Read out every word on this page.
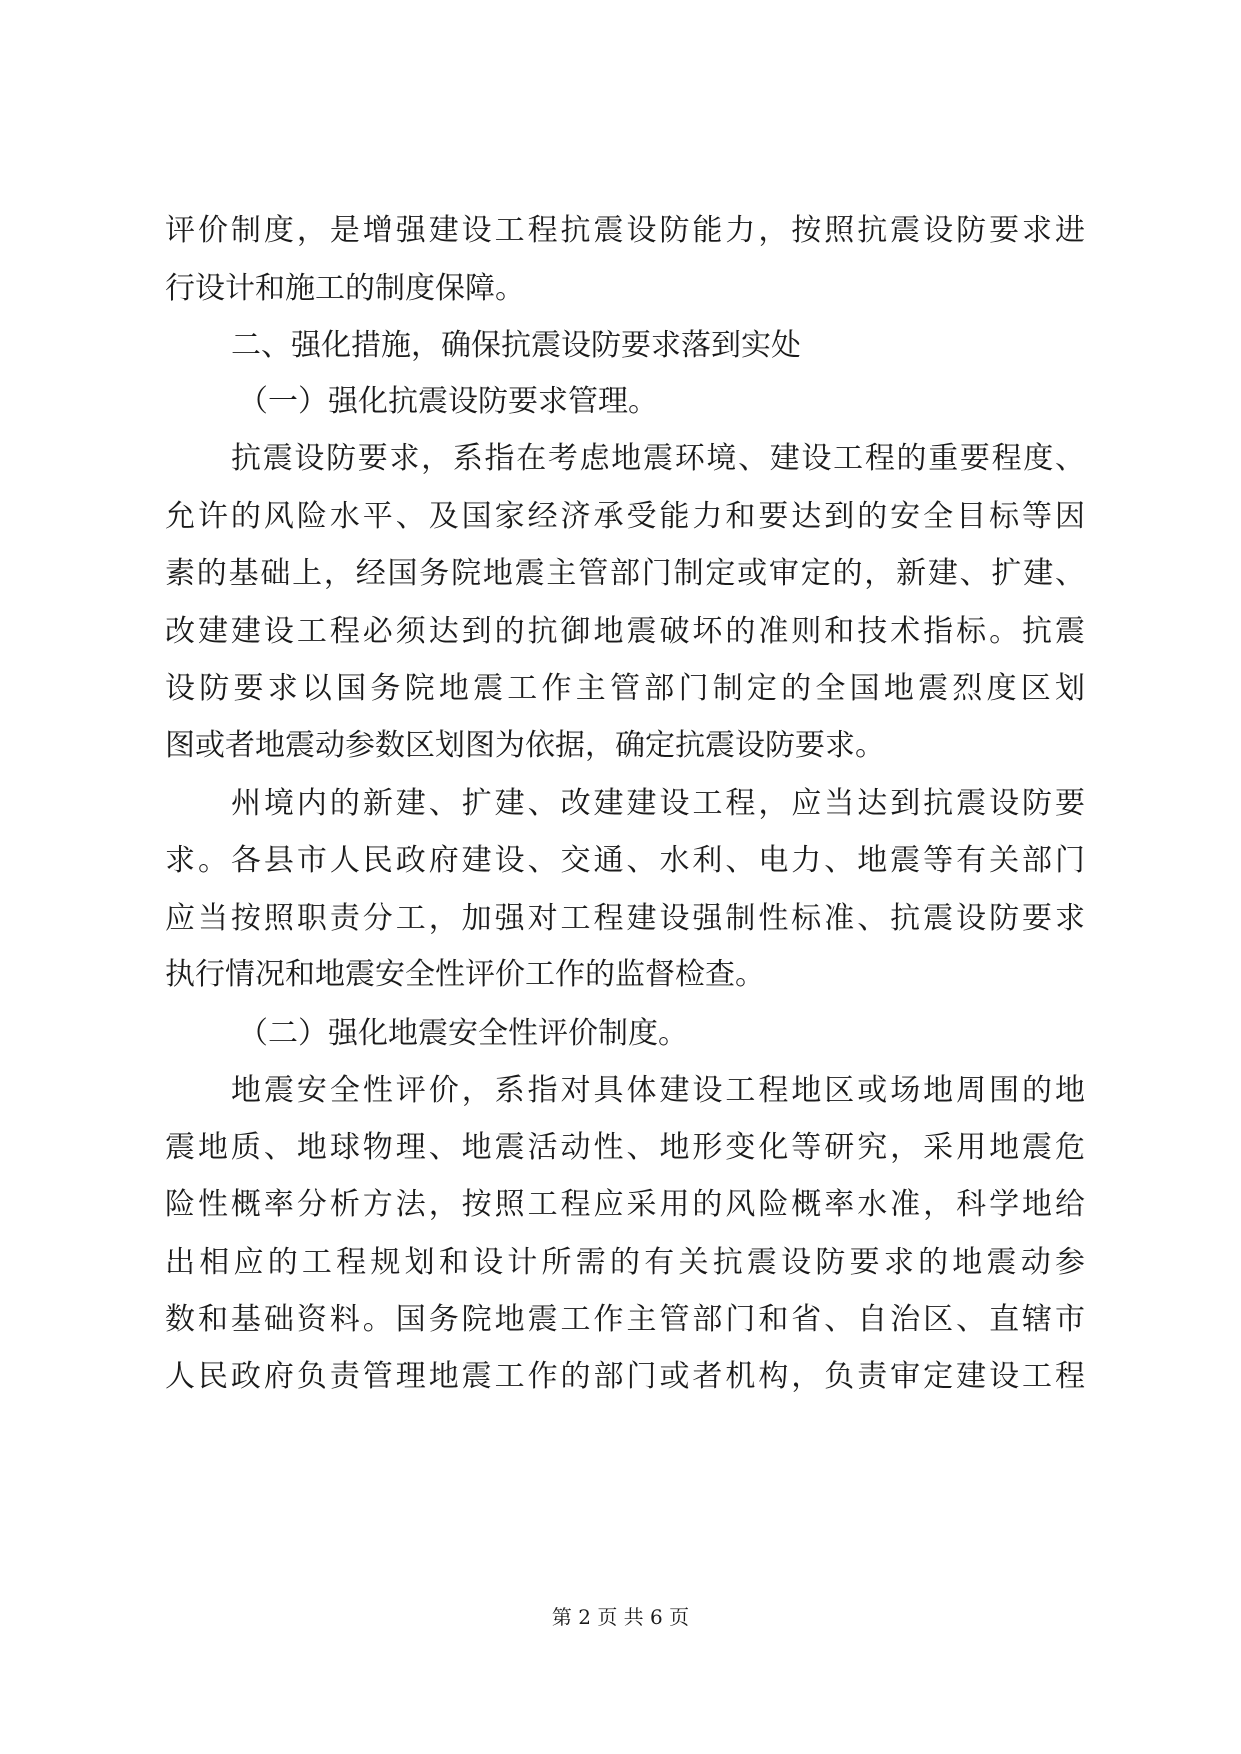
评价制度，是增强建设工程抗震设防能力，按照抗震设防要求进
行设计和施工的制度保障。
二、强化措施，确保抗震设防要求落到实处
（一）强化抗震设防要求管理。
抗震设防要求，系指在考虑地震环境、建设工程的重要程度、
允许的风险水平、及国家经济承受能力和要达到的安全目标等因
素的基础上，经国务院地震主管部门制定或审定的，新建、扩建、
改建建设工程必须达到的抗御地震破坏的准则和技术指标。抗震
设防要求以国务院地震工作主管部门制定的全国地震烈度区划
图或者地震动参数区划图为依据，确定抗震设防要求。
州境内的新建、扩建、改建建设工程，应当达到抗震设防要
求。各县市人民政府建设、交通、水利、电力、地震等有关部门
应当按照职责分工，加强对工程建设强制性标准、抗震设防要求
执行情况和地震安全性评价工作的监督检查。
（二）强化地震安全性评价制度。
地震安全性评价，系指对具体建设工程地区或场地周围的地
震地质、地球物理、地震活动性、地形变化等研究，采用地震危
险性概率分析方法，按照工程应采用的风险概率水准，科学地给
出相应的工程规划和设计所需的有关抗震设防要求的地震动参
数和基础资料。国务院地震工作主管部门和省、自治区、直辖市
人民政府负责管理地震工作的部门或者机构，负责审定建设工程
第 2 页 共 6 页
